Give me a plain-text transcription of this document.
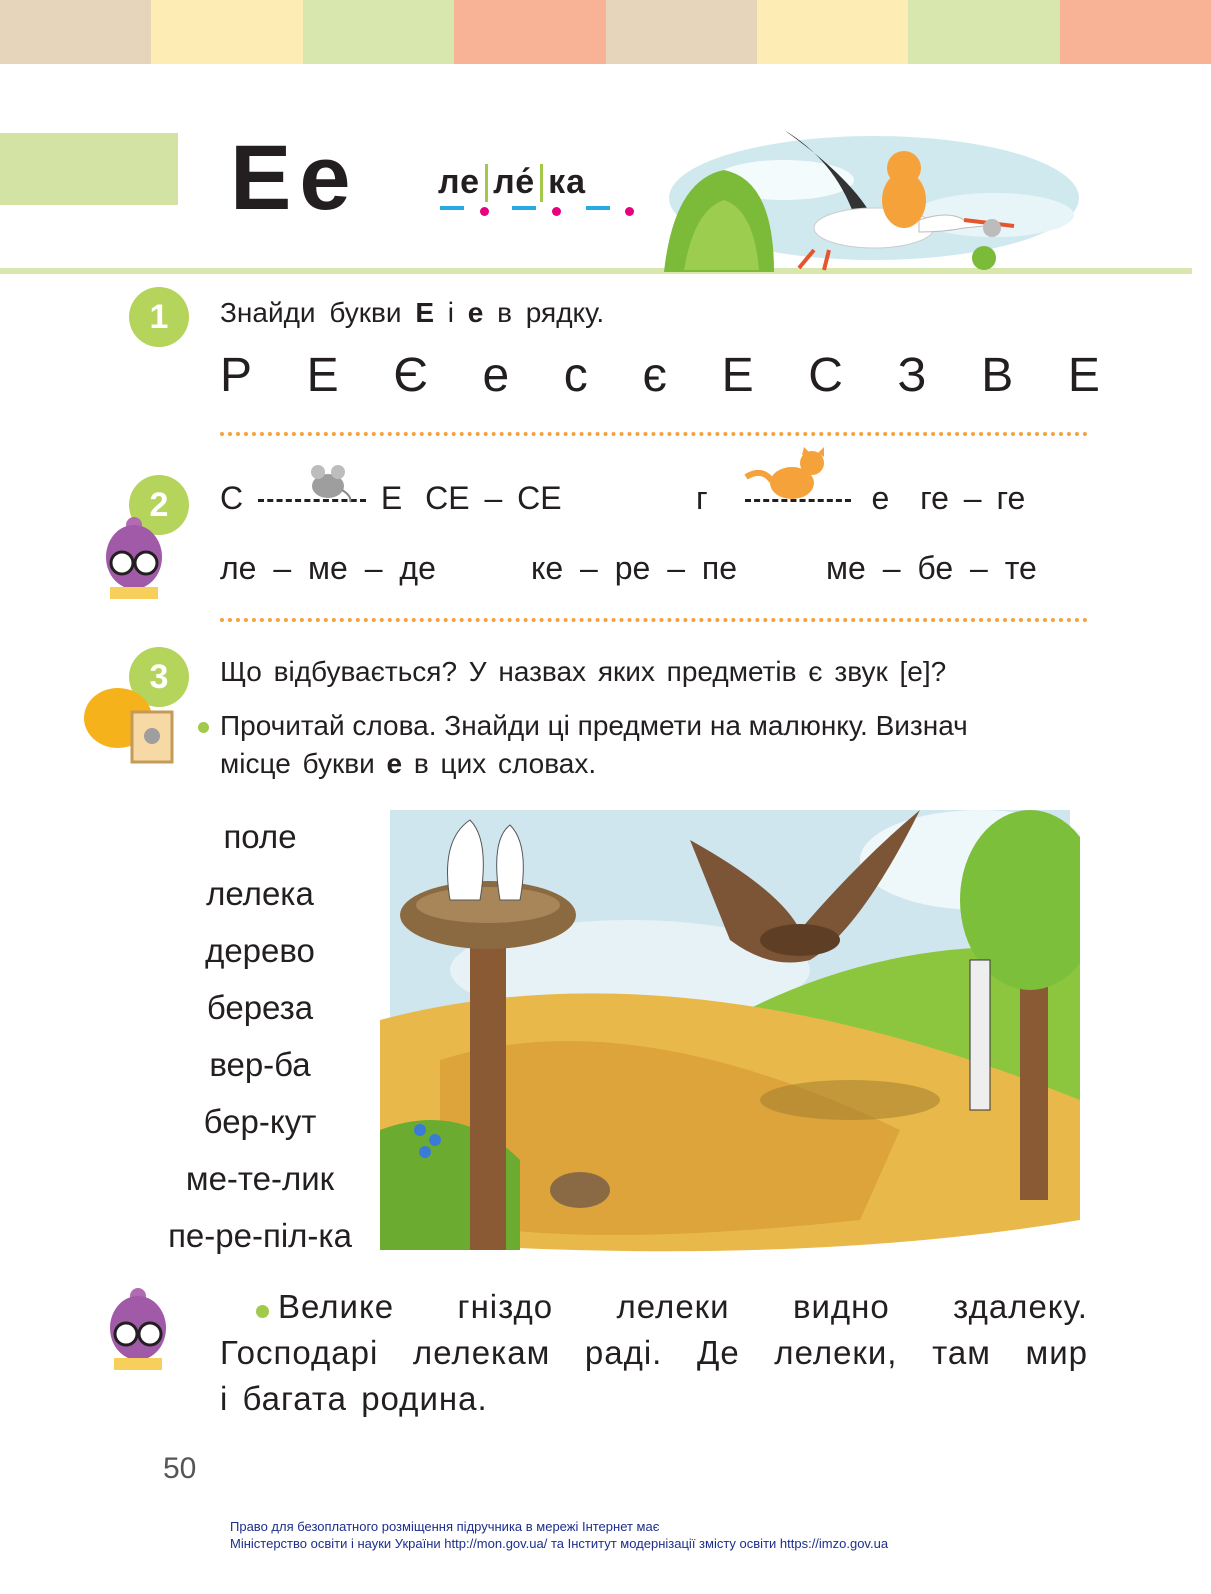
Ее ле ле́ ка
1	Знайди букви Е і е в рядку.
Р Е Є е с є Е С З В Е
2	С	Е СЕ – СЕ	г	е ге – ге
ле – ме – де	ке – ре – пе	ме – бе – те
3	Що відбувається? У назвах яких предметів є звук [е]?
Прочитай слова. Знайди ці предмети на малюнку. Визнач
місце букви е в цих словах.
поле
лелека
дерево
береза
вер-ба
бер-кут
ме-те-лик
пе-ре-піл-ка
Велике гніздо лелеки видно здалеку.
Господарі лелекам раді. Де лелеки, там мир
і багата родина.
50
Право для безоплатного розміщення підручника в мережі Інтернет має
Міністерство освіти і науки України http://mon.gov.ua/ та Інститут модернізації змісту освіти https://imzo.gov.ua
